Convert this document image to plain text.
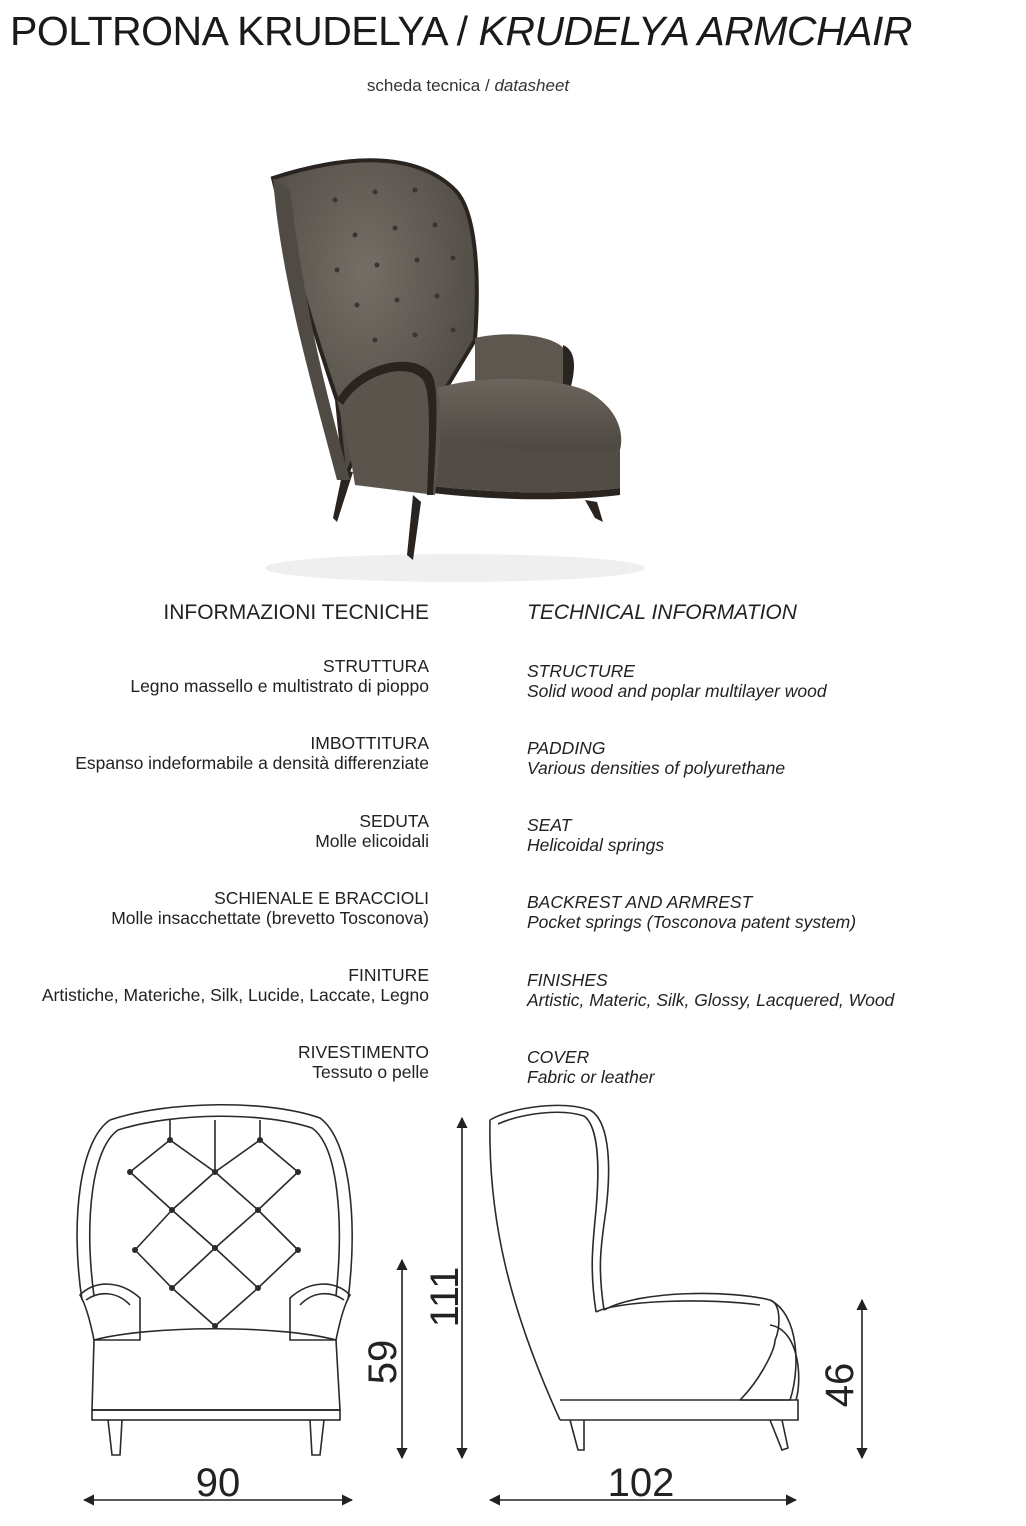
POLTRONA KRUDELYA / KRUDELYA ARMCHAIR
scheda tecnica / datasheet
INFORMAZIONI TECNICHE	TECHNICAL INFORMATION
STRUTTURA
Legno massello e multistrato di pioppo
IMBOTTITURA
Espanso indeformabile a densità differenziate
SEDUTA
Molle elicoidali
SCHIENALE E BRACCIOLI
Molle insacchettate (brevetto Tosconova)
FINITURE
Artistiche, Materiche, Silk, Lucide, Laccate, Legno
RIVESTIMENTO
Tessuto o pelle
STRUCTURE
Solid wood and poplar multilayer wood
PADDING
Various densities of polyurethane
SEAT
Helicoidal springs
BACKREST AND ARMREST
Pocket springs (Tosconova patent system)
FINISHES
Artistic, Materic, Silk, Glossy, Lacquered, Wood
COVER
Fabric or leather
90
59
111
102
46
